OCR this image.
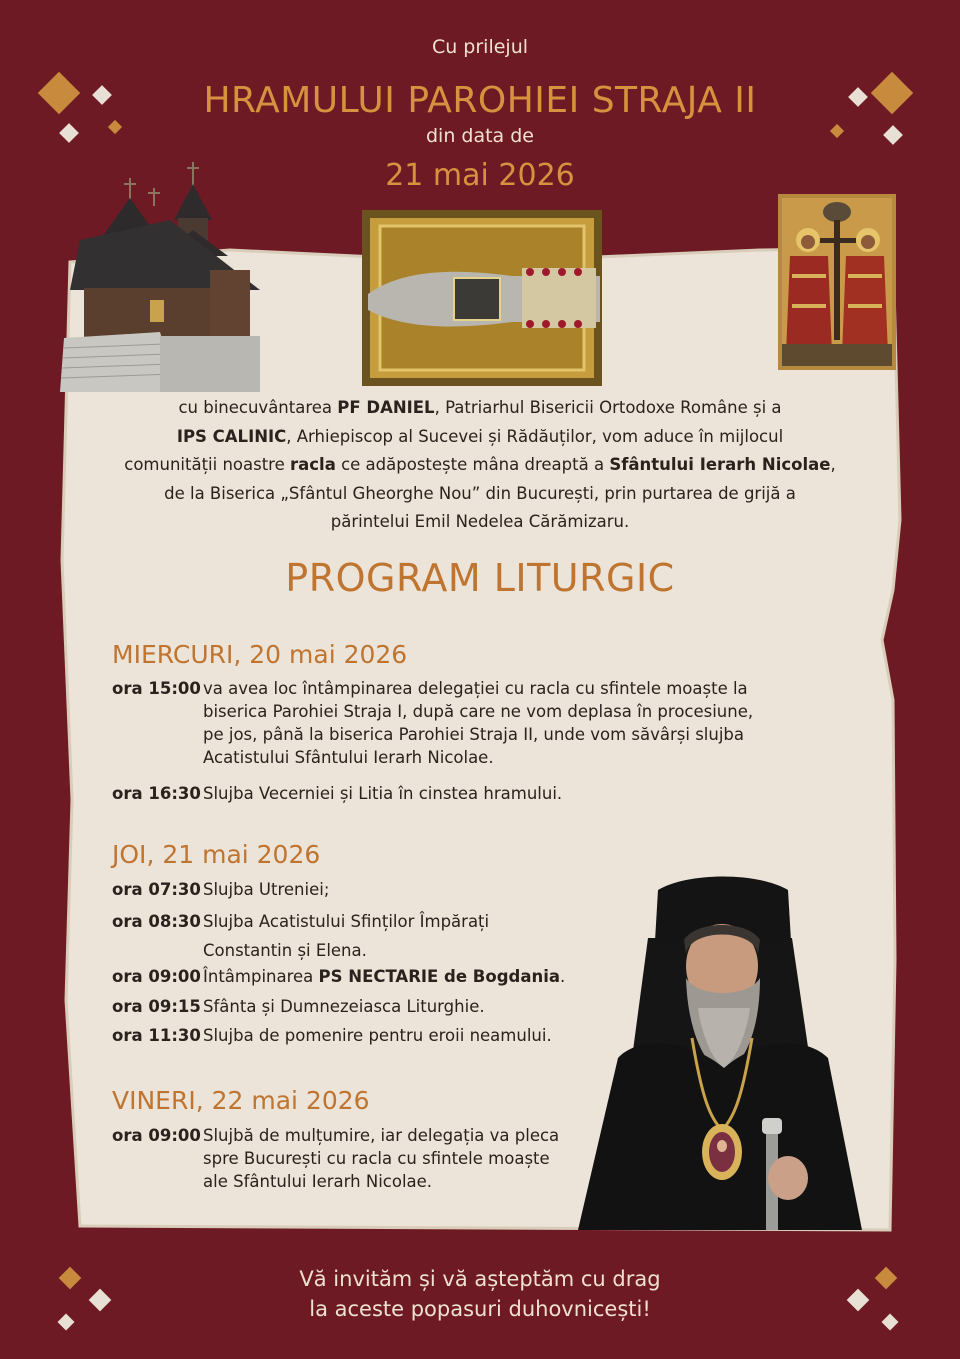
Cu prilejul
HRAMULUI PAROHIEI STRAJA II
din data de
21 mai 2026
cu binecuvântarea PF DANIEL, Patriarhul Bisericii Ortodoxe Române și a
IPS CALINIC, Arhiepiscop al Sucevei și Rădăuților, vom aduce în mijlocul
comunității noastre racla ce adăpostește mâna dreaptă a Sfântului Ierarh Nicolae,
de la Biserica „Sfântul Gheorghe Nou” din București, prin purtarea de grijă a
părintelui Emil Nedelea Cărămizaru.
PROGRAM LITURGIC
MIERCURI, 20 mai 2026
ora 15:00 va avea loc întâmpinarea delegației cu racla cu sfintele moaște la
biserica Parohiei Straja I, după care ne vom deplasa în procesiune,
pe jos, până la biserica Parohiei Straja II, unde vom săvârși slujba
Acatistului Sfântului Ierarh Nicolae.
ora 16:30 Slujba Vecerniei și Litia în cinstea hramului.
JOI, 21 mai 2026
ora 07:30 Slujba Utreniei;
ora 08:30 Slujba Acatistului Sfinților Împărați
Constantin și Elena.
ora 09:00 Întâmpinarea PS NECTARIE de Bogdania.
ora 09:15 Sfânta și Dumnezeiasca Liturghie.
ora 11:30 Slujba de pomenire pentru eroii neamului.
VINERI, 22 mai 2026
ora 09:00 Slujbă de mulțumire, iar delegația va pleca
spre București cu racla cu sfintele moaște
ale Sfântului Ierarh Nicolae.
Vă invităm și vă așteptăm cu drag
la aceste popasuri duhovnicești!
